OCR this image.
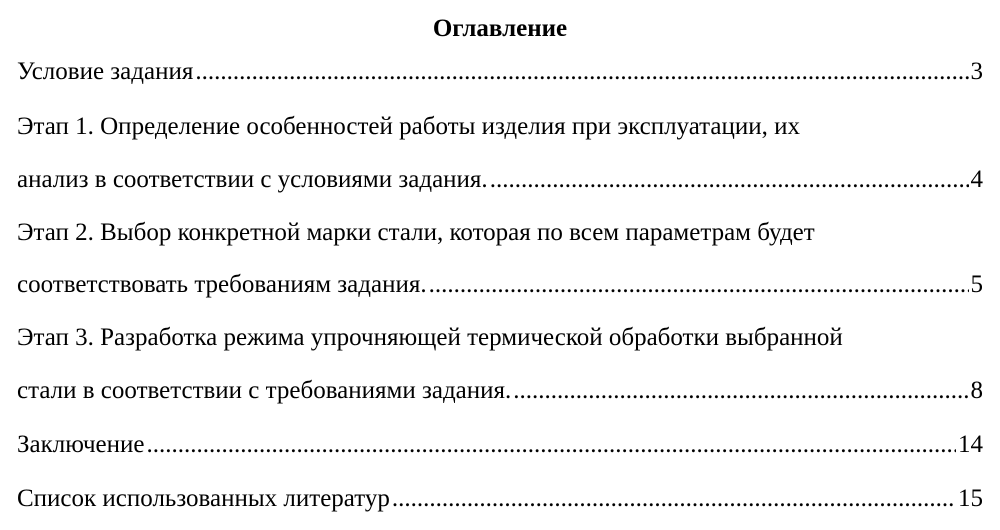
Оглавление
Условие задания .....	3
Этап 1. Определение особенностей работы изделия при эксплуатации, их
анализ в соответствии с условиями задания. .....	4
Этап 2. Выбор конкретной марки стали, которая по всем параметрам будет
соответствовать требованиям задания. .....	5
Этап 3. Разработка режима упрочняющей термической обработки выбранной
стали в соответствии с требованиями задания. .....	8
Заключение .....	14
Список использованных литератур .....	15
